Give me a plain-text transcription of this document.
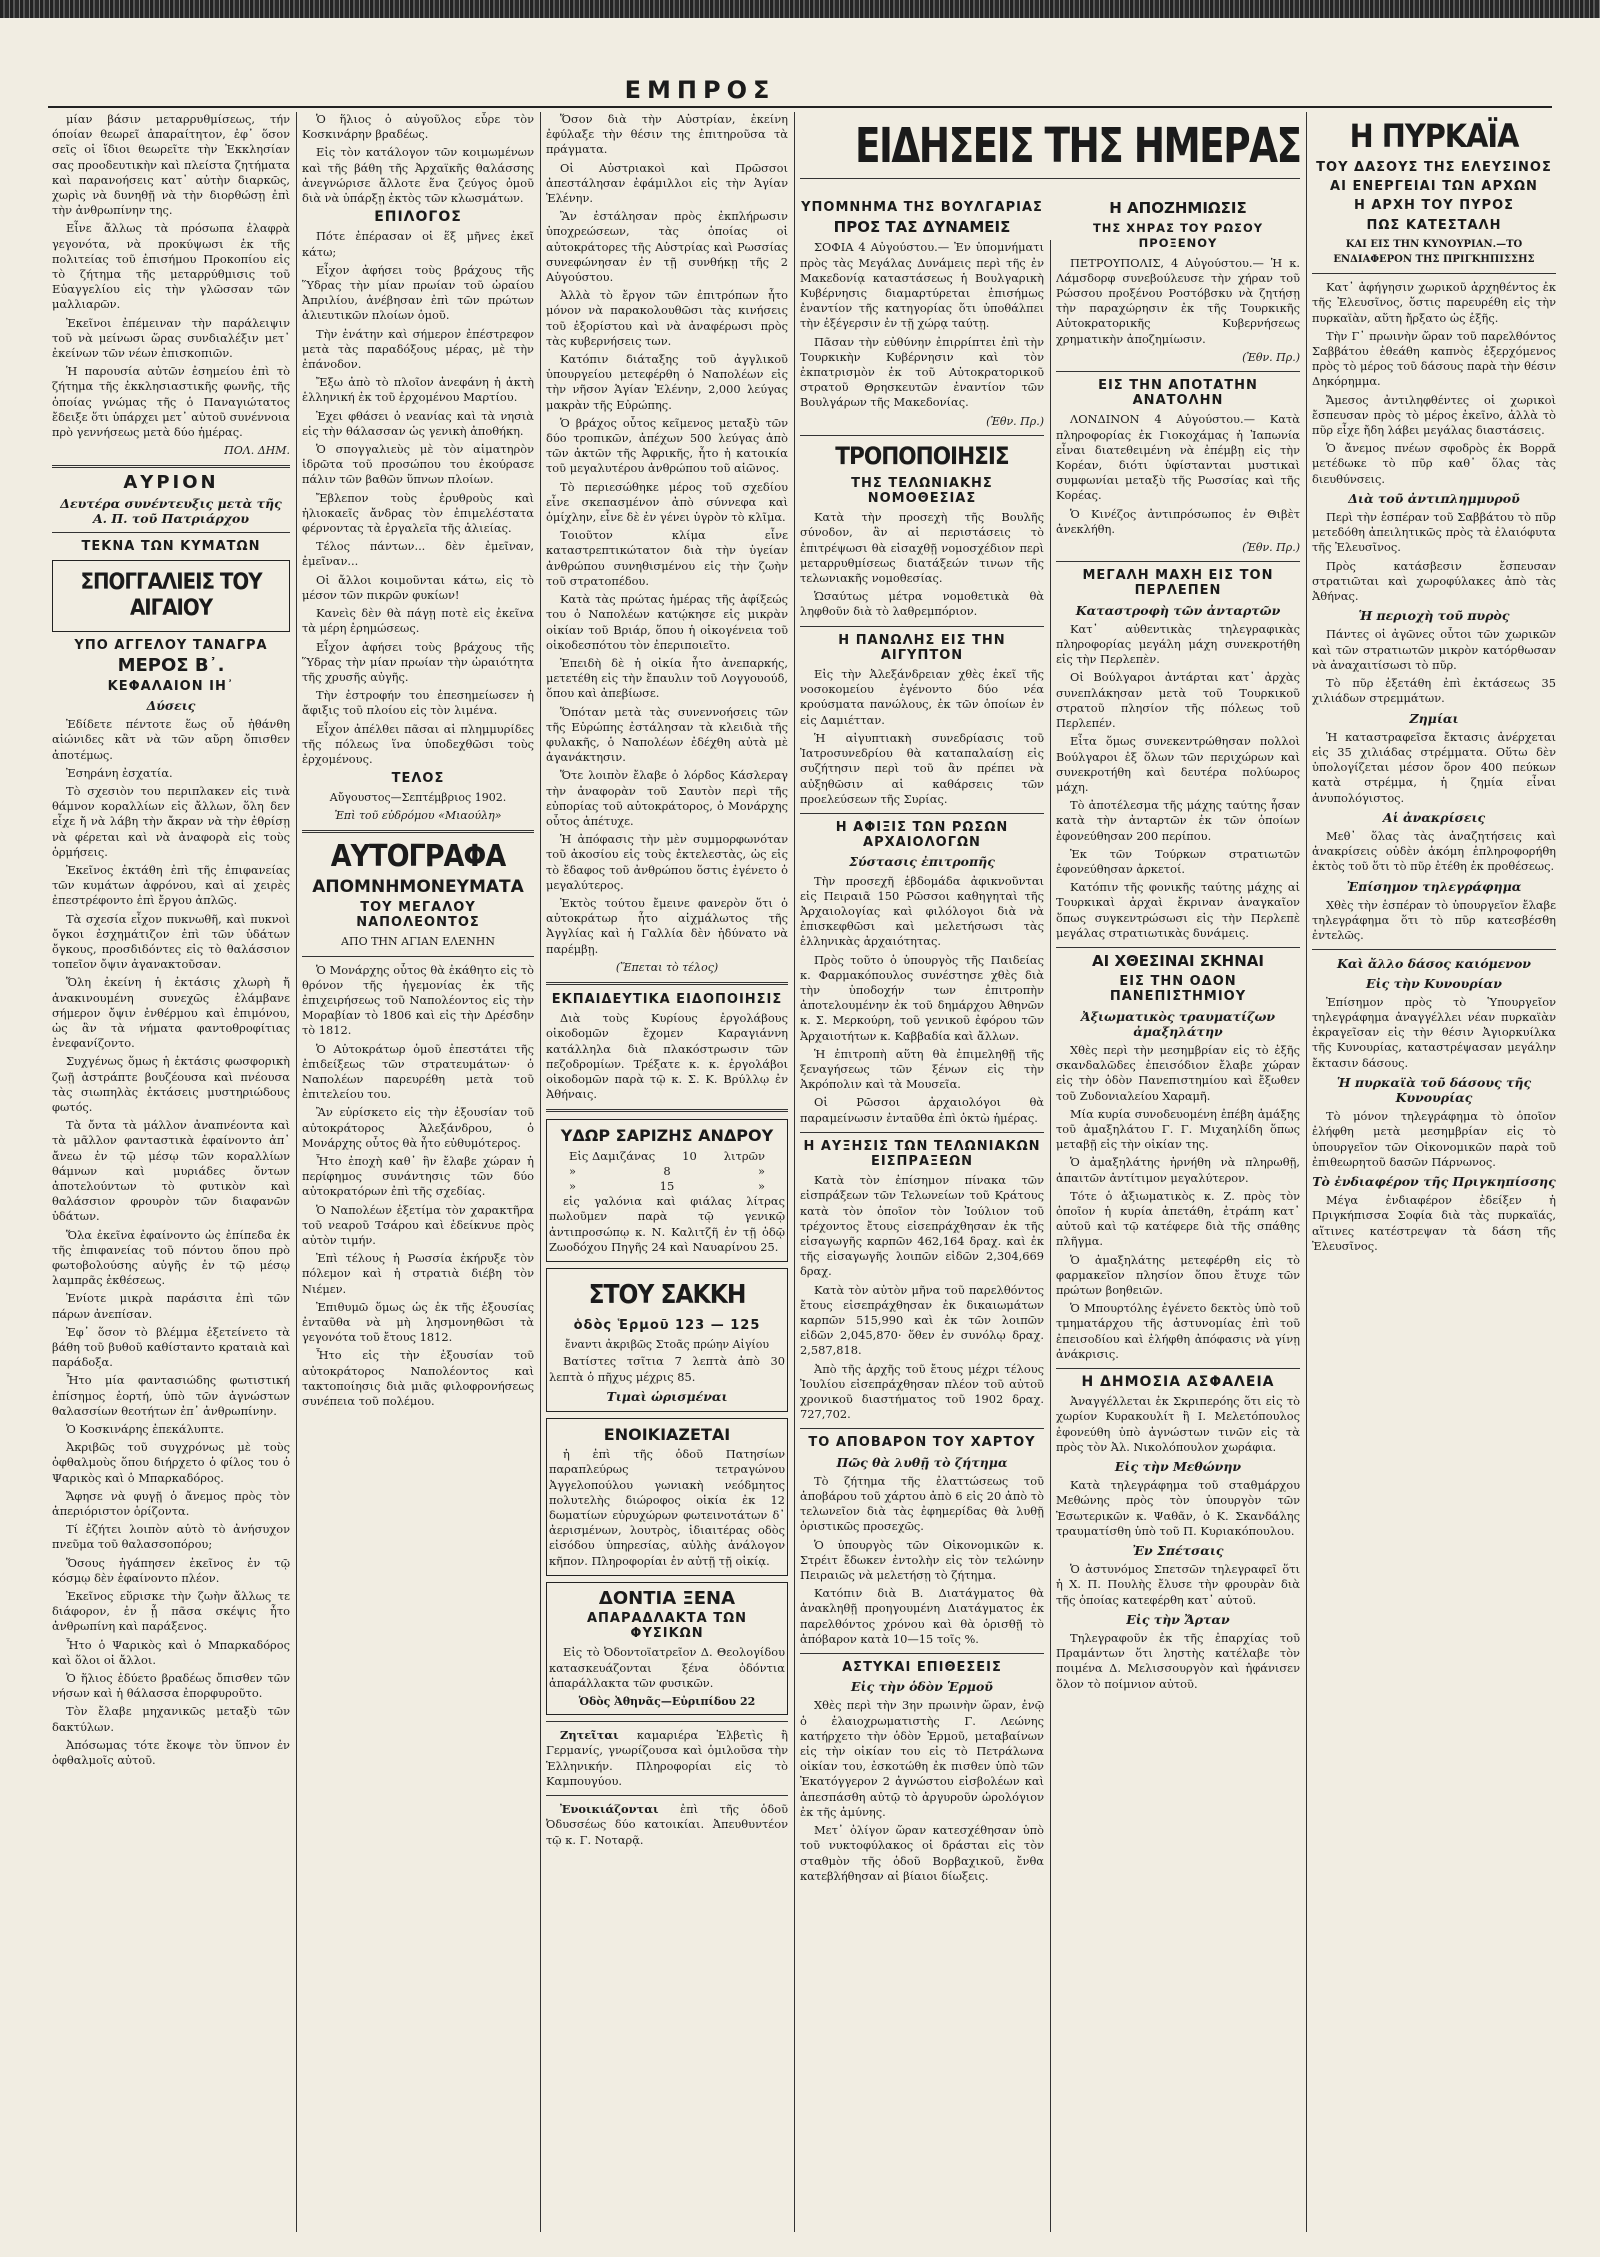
ΕΜΠΡΟΣ

μίαν βάσιν μεταρρυθμίσεως, τήν όποίαν θεωρεῖ ἀπαραίτητον, ἐφ᾽ ὅσον σεῖς οἱ ἴδιοι θεωρεῖτε τὴν Ἐκκλησίαν σας προοδευτικὴν καὶ πλείστα ζητήματα καὶ παρανοήσεις κατ᾽ αὐτὴν διαρκῶς, χωρὶς νὰ δυνηθῇ νὰ τὴν διορθώσῃ ἐπὶ τὴν ἀνθρωπίνην της.

Εἶνε ἄλλως τὰ πρόσωπα ἐλαφρὰ γεγονότα, νὰ προκύψωσι ἐκ τῆς πολιτείας τοῦ ἐπισήμου Προκοπίου εἰς τὸ ζήτημα τῆς μεταρρύθμισις τοῦ Εὐαγγελίου εἰς τὴν γλῶσσαν τῶν μαλλιαρῶν.

Ἐκεῖνοι ἐπέμειναν τὴν παράλειψιν τοῦ νὰ μείνωσι ὥρας συνδιαλέξιν μετ᾽ ἐκείνων τῶν νέων ἐπισκοπιῶν.

Ἡ παρουσία αὐτῶν ἐσημείου ἐπὶ τὸ ζήτημα τῆς ἐκκλησιαστικῆς φωνῆς, τῆς ὁποίας γνώμας τῆς ὁ Παναγιώτατος ἔδειξε ὅτι ὑπάρχει μετ᾽ αὐτοῦ συνέννοια πρὸ γεννήσεως μετὰ δύο ἡμέρας.

ΠΟΛ. ΔΗΜ.
ΑΥΡΙΟΝ
Δευτέρα συνέντευξις μετὰ τῆς Α. Π. τοῦ Πατριάρχου
ΤΕΚΝΑ ΤΩΝ ΚΥΜΑΤΩΝ
ΣΠΟΓΓΑΛΙΕΙΣ ΤΟΥ ΑΙΓΑΙΟΥ
ΥΠΟ ΑΓΓΕΛΟΥ ΤΑΝΑΓΡΑ
ΜΕΡΟΣ Β᾽.
ΚΕΦΑΛΑΙΟΝ ΙΗ᾽
Δύσεις

Ἐδίδετε πέντοτε ἕως οὗ ἠθάνθη αἰώνιδες κἂτ νὰ τῶν αὔρη ὄπισθεν ἀποτέμως.

Ἐσηράνη ἐσχατία.

Τὸ σχεσιὸν του περιπλακεν εἰς τινὰ θάμνον κοραλλίων εἰς ἄλλων, ὅλη δεν εἶχε ἤ νὰ λάβη τὴν ἄκραν νὰ τὴν ἐθρίσῃ νὰ φέρεται καὶ νὰ ἀναφορὰ εἰς τοὺς ὁρμήσεις.

Ἐκεῖνος ἐκτάθη ἐπὶ τῆς ἐπιφανείας τῶν κυμάτων ἀφρόνου, καὶ αἱ χειρὲς ἐπεστρέφοντο ἐπὶ ἔργου ἀπλῶς.

Τὰ σχεσία εἶχον πυκνωθῆ, καὶ πυκνοὶ ὄγκοι ἐσχημάτιζον ἐπὶ τῶν ὑδάτων ὄγκους, προσδιδόντες εἰς τὸ θαλάσσιον τοπεῖον ὄψιν ἀγανακτοῦσαν.

Ὅλη ἐκείνη ἡ ἐκτάσις χλωρὴ ἤ ἀνακινουμένη συνεχῶς ἐλάμβανε σήμερον ὄψιν ἐνθέρμου καὶ ἐπιμόνου, ὡς ἂν τὰ νήματα φαντοθροφίτιας ἐνεφανίζοντο.

Συχγένως ὅμως ἡ ἐκτάσις φωσφορικὴ ζωῇ ἀστράπτε βουζέουσα καὶ πνέουσα τὰς σιωπηλὰς ἐκτάσεις μυστηριώδους φωτός.

Τὰ ὄντα τὰ μάλλον ἀναπνέοντα καὶ τὰ μᾶλλον φανταστικὰ ἐφαίνοντο ἀπ᾽ ἄνεω ἐν τῷ μέσῳ τῶν κοραλλίων θάμνων καὶ μυριάδες ὄντων ἀποτελούντων τὸ φυτικὸν καὶ θαλάσσιον φρουρὸν τῶν διαφανῶν ὑδάτων.

Ὅλα ἐκεῖνα ἐφαίνοντο ὡς ἐπίπεδα ἐκ τῆς ἐπιφανείας τοῦ πόντου ὅπου πρὸ φωτοβολούσης αὐγῆς ἐν τῷ μέσῳ λαμπρᾶς ἐκθέσεως.

Ἐνίοτε μικρὰ παράσιτα ἐπὶ τῶν πάρων ἀνεπίσαν.

Ἐφ᾽ ὅσον τὸ βλέμμα ἐξετείνετο τὰ βάθη τοῦ βυθοῦ καθίσταντο κραταιὰ καὶ παράδοξα.

Ἦτο μία φαντασιώδης φωτιστική ἐπίσημος ἑορτή, ὑπὸ τῶν ἀγνώστων θαλασσίων θεοτήτων ἐπ᾽ ἀνθρωπίνην.

Ὁ Κοσκινάρης ἐπεκάλυπτε.

Ἀκριβῶς τοῦ συγχρόνως μὲ τοὺς ὀφθαλμοὺς ὅπου διήρχετο ὁ φίλος του ὁ Ψαρικὸς καὶ ὁ Μπαρκαδόρος.

Ἄφησε νὰ φυγῇ ὁ ἄνεμος πρὸς τὸν ἀπεριόριστον ὁρίζοντα.

Τί ἐζήτει λοιπὸν αὐτὸ τὸ ἀνήσυχον πνεῦμα τοῦ θαλασσοπόρου;

Ὅσους ἠγάπησεν ἐκεῖνος ἐν τῷ κόσμῳ δὲν ἐφαίνοντο πλέον.

Ἐκεῖνος εὕρισκε τὴν ζωὴν ἄλλως τε διάφορον, ἐν ᾗ πᾶσα σκέψις ἦτο ἀνθρωπίνη καὶ παράξενος.

Ἦτο ὁ Ψαρικὸς καὶ ὁ Μπαρκαδόρος καὶ ὅλοι οἱ ἄλλοι.

Ὁ ἥλιος ἐδύετο βραδέως ὄπισθεν τῶν νήσων καὶ ἡ θάλασσα ἐπορφυροῦτο.

Τὸν ἔλαβε μηχανικῶς μεταξὺ τῶν δακτύλων.

Ἀπόσωμας τότε ἔκοψε τὸν ὕπνον ἐν ὀφθαλμοῖς αὐτοῦ.

Ὁ ἥλιος ὁ αὐγοῦλος εὗρε τὸν Κοσκινάρην βραδέως.

Εἰς τὸν κατάλογον τῶν κοιμωμένων καὶ τῆς βάθη τῆς Ἀρχαϊκῆς θαλάσσης ἀνεγνώρισε ἄλλοτε ἕνα ζεύγος ὁμοῦ διὰ νὰ ὑπάρξῃ ἐκτὸς τῶν κλωσμάτων.

ΕΠΙΛΟΓΟΣ

Πότε ἐπέρασαν οἱ ἕξ μῆνες ἐκεῖ κάτω;

Εἶχον ἀφήσει τοὺς βράχους τῆς Ὕδρας τὴν μίαν πρωίαν τοῦ ὡραίου Ἀπριλίου, ἀνέβησαν ἐπὶ τῶν πρώτων ἁλιευτικῶν πλοίων ὁμοῦ.

Τὴν ἐνάτην καὶ σήμερον ἐπέστρεφον μετὰ τὰς παραδόξους μέρας, μὲ τὴν ἐπάνοδον.

Ἔξω ἀπὸ τὸ πλοῖον ἀνεφάνη ἡ ἀκτὴ ἑλληνική ἐκ τοῦ ἐρχομένου Μαρτίου.

Ἐχει φθάσει ὁ νεανίας καὶ τὰ νησιὰ εἰς τὴν θάλασσαν ὡς γενικὴ ἀποθήκη.

Ὁ σπογγαλιεὺς μὲ τὸν αἱματηρὸν ἱδρῶτα τοῦ προσώπου του ἐκούρασε πάλιν τῶν βαθῶν ὕπνων πλοίων.

Ἔβλεπον τοὺς ἐρυθροὺς καὶ ἠλιοκαεῖς ἄνδρας τὸν ἐπιμελέστατα φέρνοντας τὰ ἐργαλεῖα τῆς ἁλιείας.

Τέλος πάντων... δὲν ἐμεῖναν, ἐμεῖναν...

Οἱ ἄλλοι κοιμοῦνται κάτω, εἰς τὸ μέσον τῶν πικρῶν φυκίων!

Κανεὶς δὲν θὰ πάγῃ ποτὲ εἰς ἐκεῖνα τὰ μέρη ἐρημώσεως.

Εἶχον ἀφήσει τοὺς βράχους τῆς Ὕδρας τὴν μίαν πρωίαν τὴν ὡραιότητα τῆς χρυσῆς αὐγῆς.

Τὴν ἐστροφήν του ἐπεσημείωσεν ἡ ἄφιξις τοῦ πλοίου εἰς τὸν λιμένα.

Εἶχον ἀπέλθει πᾶσαι αἱ πλημμυρίδες τῆς πόλεως ἵνα ὑποδεχθῶσι τοὺς ἐρχομένους.

ΤΕΛΟΣ
Αὔγουστος—Σεπτέμβριος 1902.
Ἐπὶ τοῦ εὐδρόμου «Μιαούλη»
ΑΥΤΟΓΡΑΦΑ
ΑΠΟΜΝΗΜΟΝΕΥΜΑΤΑ
ΤΟΥ ΜΕΓΑΛΟΥ ΝΑΠΟΛΕΟΝΤΟΣ
ΑΠΟ ΤΗΝ ΑΓΙΑΝ ΕΛΕΝΗΝ

Ὁ Μονάρχης οὗτος θὰ ἐκάθητο εἰς τὸ θρόνον τῆς ἡγεμονίας ἐκ τῆς ἐπιχειρήσεως τοῦ Ναπολέοντος εἰς τὴν Μοραβίαν τὸ 1806 καὶ εἰς τὴν Δρέσδην τὸ 1812.

Ὁ Αὐτοκράτωρ ὁμοῦ ἐπεστάτει τῆς ἐπιδείξεως τῶν στρατευμάτων· ὁ Ναπολέων παρευρέθη μετὰ τοῦ ἐπιτελείου του.

Ἂν εὑρίσκετο εἰς τὴν ἐξουσίαν τοῦ αὐτοκράτορος Ἀλεξάνδρου, ὁ Μονάρχης οὗτος θὰ ἦτο εὐθυμότερος.

Ἦτο ἐποχὴ καθ᾽ ἣν ἔλαβε χώραν ἡ περίφημος συνάντησις τῶν δύο αὐτοκρατόρων ἐπὶ τῆς σχεδίας.

Ὁ Ναπολέων ἐξετίμα τὸν χαρακτῆρα τοῦ νεαροῦ Τσάρου καὶ ἐδείκνυε πρὸς αὐτὸν τιμήν.

Ἐπὶ τέλους ἡ Ρωσσία ἐκήρυξε τὸν πόλεμον καὶ ἡ στρατιὰ διέβη τὸν Νιέμεν.

Ἐπιθυμῶ ὅμως ὡς ἐκ τῆς ἐξουσίας ἐνταῦθα νὰ μὴ λησμονηθῶσι τὰ γεγονότα τοῦ ἔτους 1812.

Ἦτο εἰς τὴν ἐξουσίαν τοῦ αὐτοκράτορος Ναπολέοντος καὶ τακτοποίησις διὰ μιᾶς φιλοφρονήσεως συνέπεια τοῦ πολέμου.

Ὅσον διὰ τὴν Αὐστρίαν, ἐκείνη ἐφύλαξε τὴν θέσιν της ἐπιτηροῦσα τὰ πράγματα.

Οἱ Αὐστριακοὶ καὶ Πρῶσσοι ἀπεστάλησαν ἐφάμιλλοι εἰς τὴν Ἁγίαν Ἑλένην.

Ἂν ἐστάλησαν πρὸς ἐκπλήρωσιν ὑποχρεώσεων, τὰς ὁποίας οἱ αὐτοκράτορες τῆς Αὐστρίας καὶ Ρωσσίας συνεφώνησαν ἐν τῇ συνθήκῃ τῆς 2 Αὐγούστου.

Ἀλλὰ τὸ ἔργον τῶν ἐπιτρόπων ἦτο μόνον νὰ παρακολουθῶσι τὰς κινήσεις τοῦ ἐξορίστου καὶ νὰ ἀναφέρωσι πρὸς τὰς κυβερνήσεις των.

Κατόπιν διάταξης τοῦ ἀγγλικοῦ ὑπουργείου μετεφέρθη ὁ Ναπολέων εἰς τὴν νῆσον Ἁγίαν Ἑλένην, 2,000 λεύγας μακρὰν τῆς Εὐρώπης.

Ὁ βράχος οὗτος κεῖμενος μεταξὺ τῶν δύο τροπικῶν, ἀπέχων 500 λεύγας ἀπὸ τῶν ἀκτῶν τῆς Ἀφρικῆς, ἦτο ἡ κατοικία τοῦ μεγαλυτέρου ἀνθρώπου τοῦ αἰῶνος.

Τὸ περιεσώθηκε μέρος τοῦ σχεδίου εἶνε σκεπασμένον ἀπὸ σύννεφα καὶ ὁμίχλην, εἶνε δὲ ἐν γένει ὑγρὸν τὸ κλῖμα.

Τοιοῦτον κλίμα εἶνε καταστρεπτικώτατον διὰ τὴν ὑγείαν ἀνθρώπου συνηθισμένου εἰς τὴν ζωὴν τοῦ στρατοπέδου.

Κατὰ τὰς πρώτας ἡμέρας τῆς ἀφίξεώς του ὁ Ναπολέων κατῴκησε εἰς μικρὰν οἰκίαν τοῦ Βριάρ, ὅπου ἡ οἰκογένεια τοῦ οἰκοδεσπότου τὸν ἐπεριποιεῖτο.

Ἐπειδὴ δὲ ἡ οἰκία ἦτο ἀνεπαρκής, μετετέθη εἰς τὴν ἔπαυλιν τοῦ Λογγουούδ, ὅπου καὶ ἀπεβίωσε.

Ὅπόταν μετὰ τὰς συνεννοήσεις τῶν τῆς Εὐρώπης ἐστάλησαν τὰ κλειδιὰ τῆς φυλακῆς, ὁ Ναπολέων ἐδέχθη αὐτὰ μὲ ἀγανάκτησιν.

Ὅτε λοιπὸν ἔλαβε ὁ λόρδος Κάσλεραγ τὴν ἀναφορὰν τοῦ Σαυτὸν περὶ τῆς εὐπορίας τοῦ αὐτοκράτορος, ὁ Μονάρχης οὗτος ἀπέτυχε.

Ἡ ἀπόφασις τὴν μὲν συμμορφωνόταν τοῦ ἀκοσίου εἰς τοὺς ἐκτελεστὰς, ὡς εἰς τὸ ἔδαφος τοῦ ἀνθρώπου ὅστις ἐγένετο ὁ μεγαλύτερος.

Ἐκτὸς τούτου ἔμεινε φανερὸν ὅτι ὁ αὐτοκράτωρ ἦτο αἰχμάλωτος τῆς Ἀγγλίας καὶ ἡ Γαλλία δὲν ἠδύνατο νὰ παρέμβῃ.

(Ἕπεται τὸ τέλος)
ΕΚΠΑΙΔΕΥΤΙΚΑ ΕΙΔΟΠΟΙΗΣΙΣ

Διὰ τοὺς Κυρίους ἐργολάβους οἰκοδομῶν ἔχομεν Καραγιάννη κατάλληλα διὰ πλακόστρωσιν τῶν πεζοδρομίων. Τρέξατε κ. κ. ἐργολάβοι οἰκοδομῶν παρὰ τῷ κ. Σ. Κ. Βρύλλῳ ἐν Ἀθήναις.

ΥΔΩΡ ΣΑΡΙΖΗΣ ΑΝΔΡΟΥ
Εἰς Δαμιζάνας 10 λιτρῶν
»	8	»
»	15	»

εἰς γαλόνια καὶ φιάλας λίτρας πωλοῦμεν παρὰ τῷ γενικῷ ἀντιπροσώπῳ κ. Ν. Καλιτζῆ ἐν τῇ ὁδῷ Ζωοδόχου Πηγῆς 24 καὶ Ναυαρίνου 25.

ΣΤΟΥ ΣΑΚΚΗ
ὁδὸς Ἑρμοῦ 123 — 125
ἔναντι ἀκριβῶς Στοᾶς πρώην Αἰγίου

Βατίστες τσῖτια 7 λεπτὰ ἀπὸ 30 λεπτὰ ὁ πῆχυς μέχρις 85.

Τιμαὶ ὡρισμέναι
ΕΝΟΙΚΙΑΖΕΤΑΙ

ἡ ἐπὶ τῆς ὁδοῦ Πατησίων παραπλεύρως τετραγώνου Ἀγγελοπούλου γωνιακὴ νεόδμητος πολυτελὴς διώροφος οἰκία ἐκ 12 δωματίων εὐρυχώρων φωτεινοτάτων δ᾽ ἀερισμένων, λουτρὸς, ἰδιαιτέρας οδὸς εἰσόδου ὑπηρεσίας, αὐλὴς ἀνάλογον κῆπον. Πληροφορίαι ἐν αὐτῇ τῇ οἰκίᾳ.

ΔΟΝΤΙΑ ΞΕΝΑ
ΑΠΑΡΑΔΛΑΚΤΑ ΤΩΝ ΦΥΣΙΚΩΝ

Εἰς τὸ Ὀδοντοϊατρεῖον Δ. Θεολογίδου κατασκευάζονται ξένα ὀδόντια ἀπαράλλακτα τῶν φυσικῶν.

Ὁδὸς Ἀθηνᾶς—Εὐριπίδου 22

Ζητεῖται καμαριέρα Ἑλβετὶς ἢ Γερμανίς, γνωρίζουσα καὶ ὁμιλοῦσα τὴν Ἑλληνικήν. Πληροφορίαι εἰς τὸ Καμπουγύου.

Ἐνοικιάζονται ἐπὶ τῆς ὁδοῦ Ὀδυσσέως δύο κατοικίαι. Ἀπευθυντέον τῷ κ. Γ. Νοταρᾷ.

ΕΙΔΗΣΕΙΣ ΤΗΣ ΗΜΕΡΑΣ
ΥΠΟΜΝΗΜΑ ΤΗΣ ΒΟΥΛΓΑΡΙΑΣ
ΠΡΟΣ ΤΑΣ ΔΥΝΑΜΕΙΣ

ΣΟΦΙΑ 4 Αὐγούστου.— Ἐν ὑπομνήματι πρὸς τὰς Μεγάλας Δυνάμεις περὶ τῆς ἐν Μακεδονίᾳ καταστάσεως ἡ Βουλγαρικὴ Κυβέρνησις διαμαρτύρεται ἐπισήμως ἐναντίον τῆς κατηγορίας ὅτι ὑποθάλπει τὴν ἐξέγερσιν ἐν τῇ χώρᾳ ταύτῃ.

Πᾶσαν τὴν εὐθύνην ἐπιρρίπτει ἐπὶ τὴν Τουρκικὴν Κυβέρνησιν καὶ τὸν ἐκπατρισμὸν ἐκ τοῦ Αὐτοκρατορικοῦ στρατοῦ Θρησκευτῶν ἐναντίον τῶν Βουλγάρων τῆς Μακεδονίας.

(Ἐθν. Πρ.)
ΤΡΟΠΟΠΟΙΗΣΙΣ
ΤΗΣ ΤΕΛΩΝΙΑΚΗΣ ΝΟΜΟΘΕΣΙΑΣ

Κατὰ τὴν προσεχὴ τῆς Βουλῆς σύνοδον, ἂν αἱ περιστάσεις τὸ ἐπιτρέψωσι θὰ εἰσαχθῇ νομοσχέδιον περὶ μεταρρυθμίσεως διατάξεών τινων τῆς τελωνιακῆς νομοθεσίας.

Ὡσαύτως μέτρα νομοθετικὰ θὰ ληφθοῦν διὰ τὸ λαθρεμπόριον.

Η ΠΑΝΩΛΗΣ ΕΙΣ ΤΗΝ ΑΙΓΥΠΤΟΝ

Εἰς τὴν Ἀλεξάνδρειαν χθὲς ἐκεῖ τῆς νοσοκομείου ἐγένοντο δύο νέα κρούσματα πανώλους, ἐκ τῶν ὁποίων ἐν εἰς Δαμιέτταν.

Ἡ αἰγυπτιακὴ συνεδρίασις τοῦ Ἰατροσυνεδρίου θὰ καταπαλαίσῃ εἰς συζήτησιν περὶ τοῦ ἂν πρέπει νὰ αὐξηθῶσιν αἱ καθάρσεις τῶν προελεύσεων τῆς Συρίας.

Η ΑΦΙΞΙΣ ΤΩΝ ΡΩΣΩΝ ΑΡΧΑΙΟΛΟΓΩΝ
Σύστασις ἐπιτροπῆς

Τὴν προσεχῆ ἑβδομάδα ἀφικνοῦνται εἰς Πειραιᾶ 150 Ρῶσσοι καθηγηταὶ τῆς Ἀρχαιολογίας καὶ φιλόλογοι διὰ νὰ ἐπισκεφθῶσι καὶ μελετήσωσι τὰς ἑλληνικὰς ἀρχαιότητας.

Πρὸς τοῦτο ὁ ὑπουργὸς τῆς Παιδείας κ. Φαρμακόπουλος συνέστησε χθὲς διὰ τὴν ὑποδοχήν των ἐπιτροπὴν ἀποτελουμένην ἐκ τοῦ δημάρχου Ἀθηνῶν κ. Σ. Μερκούρη, τοῦ γενικοῦ ἐφόρου τῶν Ἀρχαιοτήτων κ. Καββαδία καὶ ἄλλων.

Ἡ ἐπιτροπὴ αὕτη θὰ ἐπιμεληθῇ τῆς ξεναγήσεως τῶν ξένων εἰς τὴν Ἀκρόπολιν καὶ τὰ Μουσεῖα.

Οἱ Ρῶσσοι ἀρχαιολόγοι θὰ παραμείνωσιν ἐνταῦθα ἐπὶ ὀκτὼ ἡμέρας.

Η ΑΥΞΗΣΙΣ ΤΩΝ ΤΕΛΩΝΙΑΚΩΝ ΕΙΣΠΡΑΞΕΩΝ

Κατὰ τὸν ἐπίσημον πίνακα τῶν εἰσπράξεων τῶν Τελωνείων τοῦ Κράτους κατὰ τὸν ὁποῖον τὸν Ἰούλιον τοῦ τρέχοντος ἔτους εἰσεπράχθησαν ἐκ τῆς εἰσαγωγῆς καρπῶν 462,164 δραχ. καὶ ἐκ τῆς εἰσαγωγῆς λοιπῶν εἰδῶν 2,304,669 δραχ.

Κατὰ τὸν αὐτὸν μῆνα τοῦ παρελθόντος ἔτους εἰσεπράχθησαν ἐκ δικαιωμάτων καρπῶν 515,990 καὶ ἐκ τῶν λοιπῶν εἰδῶν 2,045,870· ὅθεν ἐν συνόλῳ δραχ. 2,587,818.

Ἀπὸ τῆς ἀρχῆς τοῦ ἔτους μέχρι τέλους Ἰουλίου εἰσεπράχθησαν πλέον τοῦ αὐτοῦ χρονικοῦ διαστήματος τοῦ 1902 δραχ. 727,702.

ΤΟ ΑΠΟΒΑΡΟΝ ΤΟΥ ΧΑΡΤΟΥ
Πῶς θὰ λυθῇ τὸ ζήτημα

Τὸ ζήτημα τῆς ἐλαττώσεως τοῦ ἀποβάρου τοῦ χάρτου ἀπὸ 6 εἰς 20 ἀπὸ τὸ τελωνεῖον διὰ τὰς ἐφημερίδας θὰ λυθῇ ὁριστικῶς προσεχῶς.

Ὁ ὑπουργὸς τῶν Οἰκονομικῶν κ. Στρέιτ ἔδωκεν ἐντολὴν εἰς τὸν τελώνην Πειραιῶς νὰ μελετήσῃ τὸ ζήτημα.

Κατόπιν διὰ Β. Διατάγματος θὰ ἀνακληθῇ προηγουμένη Διατάγματος ἐκ παρελθόντος χρόνου καὶ θὰ ὁρισθῇ τὸ ἀπόβαρον κατὰ 10—15 τοῖς %.

ΑΣΤΥΚΑΙ ΕΠΙΘΕΣΕΙΣ
Εἰς τὴν ὁδὸν Ἑρμοῦ

Χθὲς περὶ τὴν 3ην πρωινὴν ὥραν, ἐνῷ ὁ ἐλαιοχρωματιστὴς Γ. Λεώνης κατήρχετο τὴν ὁδὸν Ἑρμοῦ, μεταβαίνων εἰς τὴν οἰκίαν του εἰς τὸ Πετράλωνα οἰκίαν του, ἐσκοτώθη ἐκ πισθεν ὑπὸ τῶν Ἐκατόγγερον 2 ἀγνώστου εἰσβολέων καὶ ἀπεσπάσθη αὐτῷ τὸ ἀργυροῦν ὡρολόγιον ἐκ τῆς ἀμύνης.

Μετ᾽ ὀλίγον ὥραν κατεσχέθησαν ὑπὸ τοῦ νυκτοφύλακος οἱ δράσται εἰς τὸν σταθμὸν τῆς ὁδοῦ Βορβαχικοῦ, ἔνθα κατεβλήθησαν αἱ βίαιοι δίωξεις.

Η ΑΠΟΖΗΜΙΩΣΙΣ
ΤΗΣ ΧΗΡΑΣ ΤΟΥ ΡΩΣΟΥ ΠΡΟΞΕΝΟΥ

ΠΕΤΡΟΥΠΟΛΙΣ, 4 Αὐγούστου.— Ἡ κ. Λάμσδορφ συνεβούλευσε τὴν χήραν τοῦ Ρώσσου προξένου Ροστόβσκυ νὰ ζητήσῃ τὴν παραχώρησιν ἐκ τῆς Τουρκικῆς Αὐτοκρατορικῆς Κυβερνήσεως χρηματικὴν ἀποζημίωσιν.

(Ἐθν. Πρ.)
ΕΙΣ ΤΗΝ ΑΠΟΤΑΤΗΝ ΑΝΑΤΟΛΗΝ

ΛΟΝΔΙΝΟΝ 4 Αὐγούστου.— Κατὰ πληροφορίας ἐκ Γιοκοχάμας ἡ Ἰαπωνία εἶναι διατεθειμένη νὰ ἐπέμβῃ εἰς τὴν Κορέαν, διότι ὑφίστανται μυστικαὶ συμφωνίαι μεταξὺ τῆς Ρωσσίας καὶ τῆς Κορέας.

Ὁ Κινέζος ἀντιπρόσωπος ἐν Θιβὲτ ἀνεκλήθη.

(Ἐθν. Πρ.)
ΜΕΓΑΛΗ ΜΑΧΗ ΕΙΣ ΤΟΝ ΠΕΡΛΕΠΕΝ
Καταστροφὴ τῶν ἀνταρτῶν

Κατ᾽ αὐθεντικὰς τηλεγραφικὰς πληροφορίας μεγάλη μάχη συνεκροτήθη εἰς τὴν Περλεπὲν.

Οἱ Βούλγαροι ἀντάρται κατ᾽ ἀρχὰς συνεπλάκησαν μετὰ τοῦ Τουρκικοῦ στρατοῦ πλησίον τῆς πόλεως τοῦ Περλεπέν.

Εἶτα ὅμως συνεκεντρώθησαν πολλοὶ Βούλγαροι ἐξ ὅλων τῶν περιχώρων καὶ συνεκροτήθη καὶ δευτέρα πολύωρος μάχη.

Τὸ ἀποτέλεσμα τῆς μάχης ταύτης ἦσαν κατὰ τὴν ἀνταρτῶν ἐκ τῶν ὁποίων ἐφονεύθησαν 200 περίπου.

Ἐκ τῶν Τούρκων στρατιωτῶν ἐφονεύθησαν ἀρκετοί.

Κατόπιν τῆς φονικῆς ταύτης μάχης αἱ Τουρκικαὶ ἀρχαὶ ἔκριναν ἀναγκαῖον ὅπως συγκεντρώσωσι εἰς τὴν Περλεπὲ μεγάλας στρατιωτικὰς δυνάμεις.

ΑΙ ΧΘΕΣΙΝΑΙ ΣΚΗΝΑΙ
ΕΙΣ ΤΗΝ ΟΔΟΝ ΠΑΝΕΠΙΣΤΗΜΙΟΥ
Ἀξιωματικὸς τραυματίζων ἀμαξηλάτην

Χθὲς περὶ τὴν μεσημβρίαν εἰς τὸ ἐξῆς σκανδαλῶδες ἐπεισόδιον ἔλαβε χώραν εἰς τὴν ὁδὸν Πανεπιστημίου καὶ ἔξωθεν τοῦ Ζυδονιαλείου Χαραμῆ.

Μία κυρία συνοδευομένη ἐπέβη ἁμάξης τοῦ ἀμαξηλάτου Γ. Γ. Μιχαηλίδη ὅπως μεταβῇ εἰς τὴν οἰκίαν της.

Ὁ ἀμαξηλάτης ἠρνήθη νὰ πληρωθῇ, ἀπαιτῶν ἀντίτιμον μεγαλύτερον.

Τότε ὁ ἀξιωματικὸς κ. Ζ. πρὸς τὸν ὁποῖον ἡ κυρία ἀπετάθη, ἐτράπη κατ᾽ αὐτοῦ καὶ τῷ κατέφερε διὰ τῆς σπάθης πλῆγμα.

Ὁ ἀμαξηλάτης μετεφέρθη εἰς τὸ φαρμακεῖον πλησίον ὅπου ἔτυχε τῶν πρώτων βοηθειῶν.

Ὁ Μπουρτόλης ἐγένετο δεκτὸς ὑπὸ τοῦ τμηματάρχου τῆς ἀστυνομίας ἐπὶ τοῦ ἐπεισοδίου καὶ ἐλήφθη ἀπόφασις νὰ γίνῃ ἀνάκρισις.

Η ΔΗΜΟΣΙΑ ΑΣΦΑΛΕΙΑ

Ἀναγγέλλεται ἐκ Σκριπερόης ὅτι εἰς τὸ χωρίον Κυρακουλίτ ἢ Ι. Μελετόπουλος ἐφονεύθη ὑπὸ ἀγνώστων τινῶν εἰς τὰ πρὸς τὸν Ἀλ. Νικολόπουλον χωράφια.

Εἰς τὴν Μεθώνην

Κατὰ τηλεγράφημα τοῦ σταθμάρχου Μεθώνης πρὸς τὸν ὑπουργὸν τῶν Ἐσωτερικῶν κ. Ψαθᾶν, ὁ Κ. Σκανδάλης τραυματίσθη ὑπὸ τοῦ Π. Κυριακόπουλου.

Ἐν Σπέτσαις

Ὁ ἀστυνόμος Σπετσῶν τηλεγραφεῖ ὅτι ἡ Χ. Π. Πουλὴς ἔλυσε τὴν φρουρὰν διὰ τῆς ὁποίας κατεφέρθη κατ᾽ αὐτοῦ.

Εἰς τὴν Ἄρταν

Τηλεγραφοῦν ἐκ τῆς ἐπαρχίας τοῦ Πραμάντων ὅτι ληστὴς κατέλαβε τὸν ποιμένα Δ. Μελισσουργὸν καὶ ἠφάνισεν ὅλον τὸ ποίμνιον αὐτοῦ.

Η ΠΥΡΚΑΪΑ
ΤΟΥ ΔΑΣΟΥΣ ΤΗΣ ΕΛΕΥΣΙΝΟΣ
ΑΙ ΕΝΕΡΓΕΙΑΙ ΤΩΝ ΑΡΧΩΝ
Η ΑΡΧΗ ΤΟΥ ΠΥΡΟΣ
ΠΩΣ ΚΑΤΕΣΤΑΛΗ
ΚΑΙ ΕΙΣ ΤΗΝ ΚΥΝΟΥΡΙΑΝ.—ΤΟ ΕΝΔΙΑΦΕΡΟΝ ΤΗΣ ΠΡΙΓΚΗΠΙΣΣΗΣ

Κατ᾽ ἀφήγησιν χωρικοῦ ἀρχηθέντος ἐκ τῆς Ἐλευσῖνος, ὅστις παρευρέθη εἰς τὴν πυρκαϊὰν, αὕτη ἤρξατο ὡς ἑξῆς.

Τὴν Γ᾽ πρωινὴν ὥραν τοῦ παρελθόντος Σαββάτου ἐθεάθη καπνὸς ἐξερχόμενος πρὸς τὸ μέρος τοῦ δάσους παρὰ τὴν θέσιν Δηκόρημμα.

Ἄμεσος ἀντιληφθέντες οἱ χωρικοὶ ἔσπευσαν πρὸς τὸ μέρος ἐκεῖνο, ἀλλὰ τὸ πῦρ εἶχε ἤδη λάβει μεγάλας διαστάσεις.

Ὁ ἄνεμος πνέων σφοδρὸς ἐκ Βορρᾶ μετέδωκε τὸ πῦρ καθ᾽ ὅλας τὰς διευθύνσεις.

Διὰ τοῦ ἀντιπλημμυροῦ

Περὶ τὴν ἑσπέραν τοῦ Σαββάτου τὸ πῦρ μετεδόθη ἀπειλητικῶς πρὸς τὰ ἐλαιόφυτα τῆς Ἐλευσῖνος.

Πρὸς κατάσβεσιν ἔσπευσαν στρατιῶται καὶ χωροφύλακες ἀπὸ τὰς Ἀθήνας.

Ἡ περιοχὴ τοῦ πυρὸς

Πάντες οἱ ἀγῶνες οὗτοι τῶν χωρικῶν καὶ τῶν στρατιωτῶν μικρὸν κατόρθωσαν νὰ ἀναχαιτίσωσι τὸ πῦρ.

Τὸ πῦρ ἐξετάθη ἐπὶ ἐκτάσεως 35 χιλιάδων στρεμμάτων.

Ζημίαι

Ἡ καταστραφεῖσα ἔκτασις ἀνέρχεται εἰς 35 χιλιάδας στρέμματα. Οὕτω δὲν ὑπολογίζεται μέσον ὅρον 400 πεύκων κατὰ στρέμμα, ἡ ζημία εἶναι ἀνυπολόγιστος.

Αἱ ἀνακρίσεις

Μεθ᾽ ὅλας τὰς ἀναζητήσεις καὶ ἀνακρίσεις οὐδὲν ἀκόμη ἐπληροφορήθη ἐκτὸς τοῦ ὅτι τὸ πῦρ ἐτέθη ἐκ προθέσεως.

Ἐπίσημον τηλεγράφημα

Χθὲς τὴν ἑσπέραν τὸ ὑπουργεῖον ἔλαβε τηλεγράφημα ὅτι τὸ πῦρ κατεσβέσθη ἐντελῶς.

Καὶ ἄλλο δάσος καιόμενον
Εἰς τὴν Κυνουρίαν

Ἐπίσημον πρὸς τὸ Ὑπουργεῖον τηλεγράφημα ἀναγγέλλει νέαν πυρκαϊὰν ἐκραγεῖσαν εἰς τὴν θέσιν Ἀγιορκυίλκα τῆς Κυνουρίας, καταστρέψασαν μεγάλην ἔκτασιν δάσους.

Ἡ πυρκαϊὰ τοῦ δάσους τῆς Κυνουρίας

Τὸ μόνον τηλεγράφημα τὸ ὁποῖον ἐλήφθη μετὰ μεσημβρίαν εἰς τὸ ὑπουργεῖον τῶν Οἰκονομικῶν παρὰ τοῦ ἐπιθεωρητοῦ δασῶν Πάρνωνος.

Τὸ ἐνδιαφέρον τῆς Πριγκηπίσσης

Μέγα ἐνδιαφέρον ἐδείξεν ἡ Πριγκήπισσα Σοφία διὰ τὰς πυρκαϊάς, αἵτινες κατέστρεψαν τὰ δάση τῆς Ἐλευσῖνος.
